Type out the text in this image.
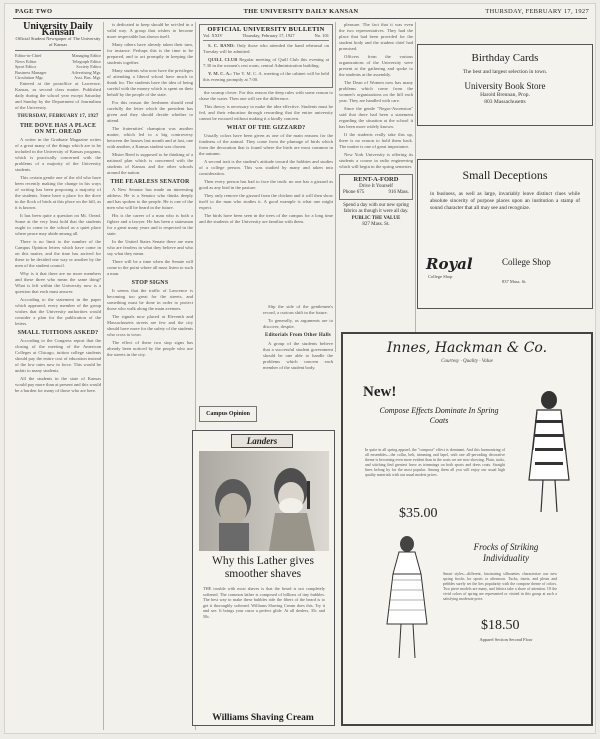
PAGE TWO	THE UNIVERSITY DAILY KANSAN	THURSDAY, FEBRUARY 17, 1927
University Daily Kansan
Official Student Newspaper of The University of Kansas
Editor-in-Chief	Managing Editor
News Editor	Telegraph Editor
Sport Editor	Society Editor
Business Manager	Advertising Mgr.
Circulation Mgr.	Asst. Bus. Mgr.

Entered at the postoffice at Lawrence, Kansas, as second class matter. Published daily during the school year except Saturday and Sunday by the Department of Journalism of the University.

THURSDAY, FEBRUARY 17, 1927
THE DOVE HAS A PLACE ON MT. OREAD

A writer in the Graduate Magazine writes of a great many of the things which are to be included in the University of Kansas program, which is practically concerned with the problems of a majority of the University students.

This certain gentle one of the old who have been recently making the change in his ways of writing has been proposing a majority of the students. Some have a place for the dove in the flock of birds at this place on the hill, as it is known.

It has been quite a question on Mt. Oread. Some at the very least hold that the students ought to come to the school as a quiet place where peace may abide among all.

There is no limit to the number of the Campus Opinion letters which have come in on this matter, and the time has arrived for these to be decided one way or another by the men of the student council.

Why is it that there are no more members and these three who mean the same thing? What is left within the University now is a question that each must answer.

According to the statement in the paper which appeared, every member of the group wishes that the University authorities would consider a plan for the publication of the letters.

SMALL TUITIONS ASKED?

According to the Congress report that the closing of the meeting of the American Colleges at Chicago, tuition college students should pay the entire cost of education instead of the low rates now in force. This would be unfair to many students.

All the students in the state of Kansas would pay more than at present and this would be a burden for many of those who are here.

is dedicated to keep should be set-tled in a valid way. A group that wishes to become more respectable has shown itself.

Many others have already taken their turn, for instance. Perhaps this is the time to be prepared, and to act promptly in keeping the students together.

Many students who now have the privileges of attending a liberal school have much to thank for. The students have the idea of being careful with the money which is spent on their behalf by the people of the state.

For this reason the freshmen should read carefully the letter which the president has given and they should decide whether to attend.

The fraternities' champion was another matter, which led to a big controversy between the houses last month and at last, one with another, a Kansas student was chosen.

Mister Reed is supposed to be thinking of a national plan which is concerned with the students of Kansas and the other schools around the nation.

THE FEARLESS SENATOR

A New Senator has made an interesting address. He is a Senator who thinks deeply and has spoken to the people. He is one of the men who will be heard in the future.

His is the career of a man who is both a fighter and a lawyer. He has been a statesman for a great many years and is respected in the state.

In the United States Senate there are men who are fearless in what they believe and who say what they mean.

There will be a time when the Senate will come to the point where all must listen to such a man.

STOP SIGNS

It seems that the traffic of Lawrence is becoming too great for the streets, and something must be done in order to protect those who walk along the main avenues.

The signals now placed at Eleventh and Massachusetts streets are few and the city should have more for the safety of the students who cross to town.

The effect of these two stop signs has already been noticed by the people who use the streets in the city.

OFFICIAL UNIVERSITY BULLETIN
Vol. XXIV	Thursday, February 17, 1927	No. 101

S. C. BAND: Only those who attended the band rehearsal on Tuesday will be admitted.

QUILL CLUB Regular meeting of Quill Club this evening at 7:30 in the women's rest room, central Administration building.

Y. M. C. A.: The Y. M. C. A. meeting of the cabinet will be held this evening promptly at 7:00.

the swamp clover. For this reason the deep rules with some reason to chase the water. Then one will see the difference.

This theory is necessary to make the idea effective. Students must be fed, and their education through rewarding that the entire university cannot be excused without making it a kindly concern.

WHAT OF THE GIZZARD?

Usually colors have been given as one of the main reasons for the fondness of the animal. They come from the plumage of birds which form the decoration that is found where the birds are most common in the autumn.

A second trait is the student's attitude toward the hobbies and studies of a college person. This was studied by many and taken into consideration.

Then every person has had to face the truth: no one has a gizzard as good as any bird in the pasture.

They only remove the gizzard from the chicken and it will then show itself to the man who studies it. A good example is what one might expect.

The birds have been seen in the trees of the campus for a long time and the students of the University are familiar with them.

Campus Opinion
Landers
Why this Lather gives smoother shaves
THE trouble with most shaves is that the beard is not completely softened. The common lather is composed of billions of tiny bubbles. The best way to make these bubbles ride the fibers of the beard is to get it thoroughly softened. Williams Shaving Cream does this. Try it and see. It brings your razor a perfect glide. At all dealers, 35c and 50c.
Williams Shaving Cream

Slip the side of the gentlemen's record, a curious shift in the future.

To generally, as arguments are to discover, despite.

Editorials From Other Halls

A group of the students believe that a successful student government should be one able to handle the problems which concern each member of the student body.

pleasure. The fact that it was even the two representatives. They had the place that had been provided for the student body and the student chief had promised.

Officers from the various organizations of the University were present at the gathering and spoke to the students at the assembly.

The Dean of Women now has many problems which come from the women's organizations on the hill each year. They are handled with care.

Since the gentle "Negro-Ascension" said that there had been a statement regarding the situation at the school it has been more widely known.

If the students really take this up, there is no reason to hold them back. The matter is one of great importance.

New York University is offering its students a course in radio engineering which will begin in the spring semester.

RENT-A-FORD
Drive It Yourself
Phone 675	916 Mass.
Spend a day with our new spring fabrics as though it were all day.
PUBLIC THE VALUE
827 Mass. St.
Birthday Cards
The best and largest selection in town.
University Book Store
Harold Brennan, Prop.
803 Massachusetts
Small Deceptions
in business, as well as large, invariably leave distinct clues while absolute sincerity of purpose places upon an institution a stamp of sound character that all may see and recognize.
Royal
College Shop
College Shop
837 Mass. St.
Innes, Hackman & Co.
Courtesy · Quality · Value
New!
Compose Effects Dominate In Spring Coats
In quite in all spring apparel, the "compose" effect is dominant. And this harmonizing of all ensembles—the collar, belt, trimming and lapel, with one all-pervading decorative theme is becoming even more evident than in the coats we are now showing. Plain, tucks, and stitching find greatest favor as trimmings on both sports and dress coats. Straight lines belong by far the most popular. Among them all you will enjoy our usual high quality materials with our usual modest prices.
$35.00
Frocks of Striking Individuality
Smart styles—different, fascinating silhouettes characterize our new spring frocks for sports or afternoon. Tucks, insets, and pleats and pebbles surely set the lies popularity with the compose theme of colors. Two piece models are many, and fabrics take a share of attention. Of the vivid colors of spring are represented or visited in this group at such a satisfying moderate price.
$18.50
Apparel Section Second Floor
